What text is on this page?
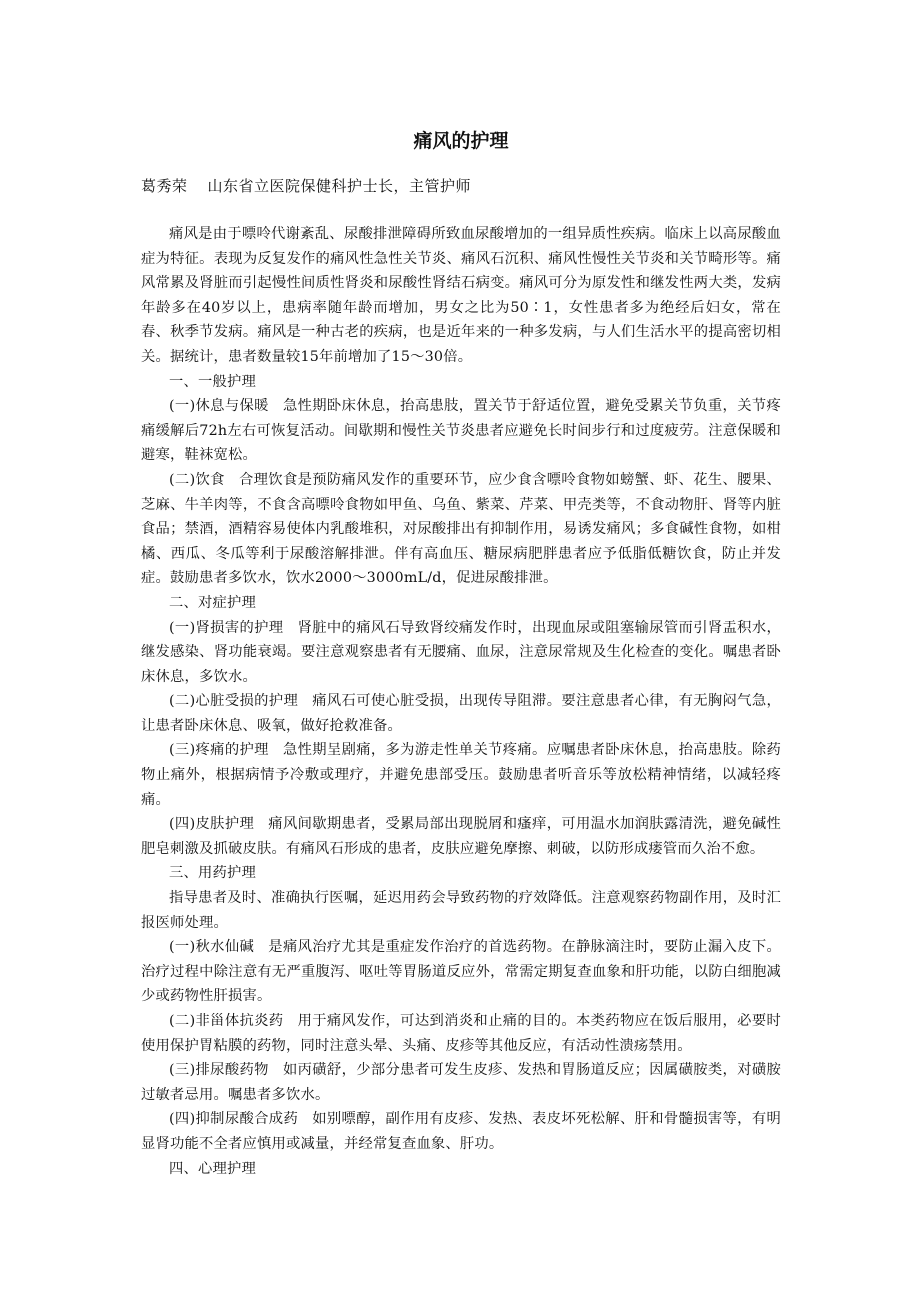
痛风的护理
葛秀荣 山东省立医院保健科护士长，主管护师

痛风是由于嘌呤代谢紊乱、尿酸排泄障碍所致血尿酸增加的一组异质性疾病。临床上以高尿酸血症为特征。表现为反复发作的痛风性急性关节炎、痛风石沉积、痛风性慢性关节炎和关节畸形等。痛风常累及肾脏而引起慢性间质性肾炎和尿酸性肾结石病变。痛风可分为原发性和继发性两大类，发病年龄多在40岁以上，患病率随年龄而增加，男女之比为50∶1，女性患者多为绝经后妇女，常在春、秋季节发病。痛风是一种古老的疾病，也是近年来的一种多发病，与人们生活水平的提高密切相关。据统计，患者数量较15年前增加了15～30倍。

一、一般护理

(一)休息与保暖 急性期卧床休息，抬高患肢，置关节于舒适位置，避免受累关节负重，关节疼痛缓解后72h左右可恢复活动。间歇期和慢性关节炎患者应避免长时间步行和过度疲劳。注意保暖和避寒，鞋袜宽松。

(二)饮食 合理饮食是预防痛风发作的重要环节，应少食含嘌呤食物如螃蟹、虾、花生、腰果、芝麻、牛羊肉等，不食含高嘌呤食物如甲鱼、乌鱼、紫菜、芹菜、甲壳类等，不食动物肝、肾等内脏食品；禁酒，酒精容易使体内乳酸堆积，对尿酸排出有抑制作用，易诱发痛风；多食碱性食物，如柑橘、西瓜、冬瓜等利于尿酸溶解排泄。伴有高血压、糖尿病肥胖患者应予低脂低糖饮食，防止并发症。鼓励患者多饮水，饮水2000～3000mL/d，促进尿酸排泄。

二、对症护理

(一)肾损害的护理 肾脏中的痛风石导致肾绞痛发作时，出现血尿或阻塞输尿管而引肾盂积水，继发感染、肾功能衰竭。要注意观察患者有无腰痛、血尿，注意尿常规及生化检查的变化。嘱患者卧床休息，多饮水。

(二)心脏受损的护理 痛风石可使心脏受损，出现传导阻滞。要注意患者心律，有无胸闷气急，让患者卧床休息、吸氧，做好抢救准备。

(三)疼痛的护理 急性期呈剧痛，多为游走性单关节疼痛。应嘱患者卧床休息，抬高患肢。除药物止痛外，根据病情予冷敷或理疗，并避免患部受压。鼓励患者听音乐等放松精神情绪，以减轻疼痛。

(四)皮肤护理 痛风间歇期患者，受累局部出现脱屑和瘙痒，可用温水加润肤露清洗，避免碱性肥皂刺激及抓破皮肤。有痛风石形成的患者，皮肤应避免摩擦、刺破，以防形成瘘管而久治不愈。

三、用药护理

指导患者及时、准确执行医嘱，延迟用药会导致药物的疗效降低。注意观察药物副作用，及时汇报医师处理。

(一)秋水仙碱 是痛风治疗尤其是重症发作治疗的首选药物。在静脉滴注时，要防止漏入皮下。治疗过程中除注意有无严重腹泻、呕吐等胃肠道反应外，常需定期复查血象和肝功能，以防白细胞减少或药物性肝损害。

(二)非甾体抗炎药 用于痛风发作，可达到消炎和止痛的目的。本类药物应在饭后服用，必要时使用保护胃粘膜的药物，同时注意头晕、头痛、皮疹等其他反应，有活动性溃疡禁用。

(三)排尿酸药物 如丙磺舒，少部分患者可发生皮疹、发热和胃肠道反应；因属磺胺类，对磺胺过敏者忌用。嘱患者多饮水。

(四)抑制尿酸合成药 如别嘌醇，副作用有皮疹、发热、表皮坏死松解、肝和骨髓损害等，有明显肾功能不全者应慎用或减量，并经常复查血象、肝功。

四、心理护理
